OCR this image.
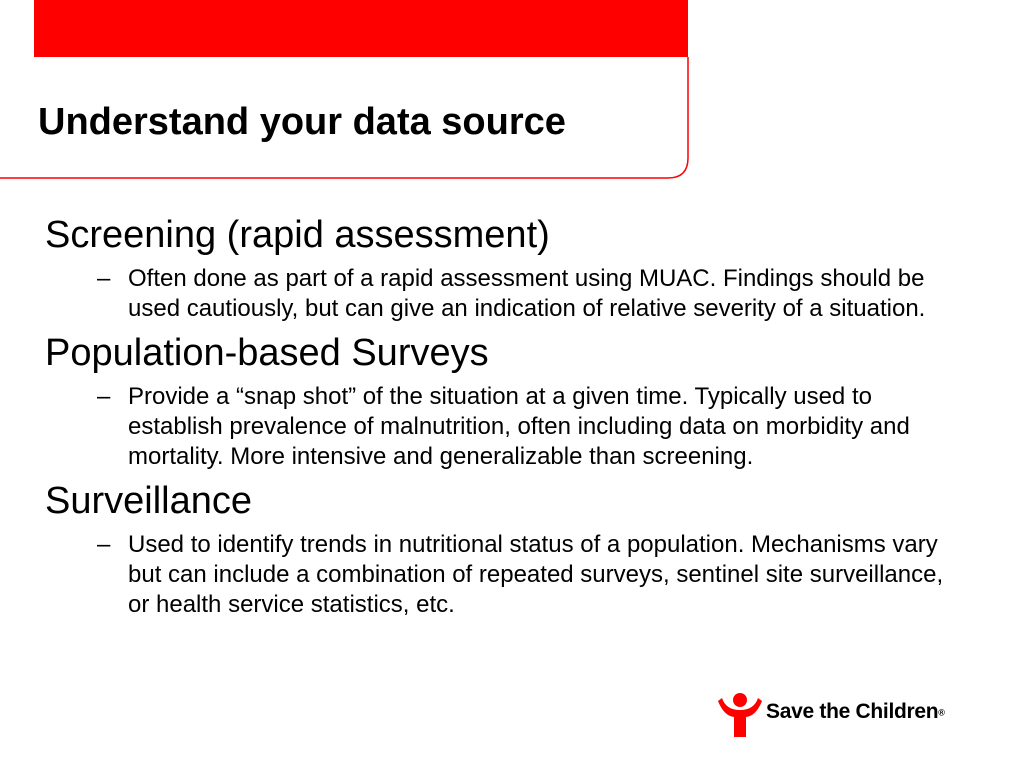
Understand your data source

Screening (rapid assessment)

– Often done as part of a rapid assessment using MUAC. Findings should be used cautiously, but can give an indication of relative severity of a situation.

Population-based Surveys

– Provide a “snap shot” of the situation at a given time. Typically used to establish prevalence of malnutrition, often including data on morbidity and mortality. More intensive and generalizable than screening.

Surveillance

– Used to identify trends in nutritional status of a population. Mechanisms vary but can include a combination of repeated surveys, sentinel site surveillance, or health service statistics, etc.
Save the Children®
